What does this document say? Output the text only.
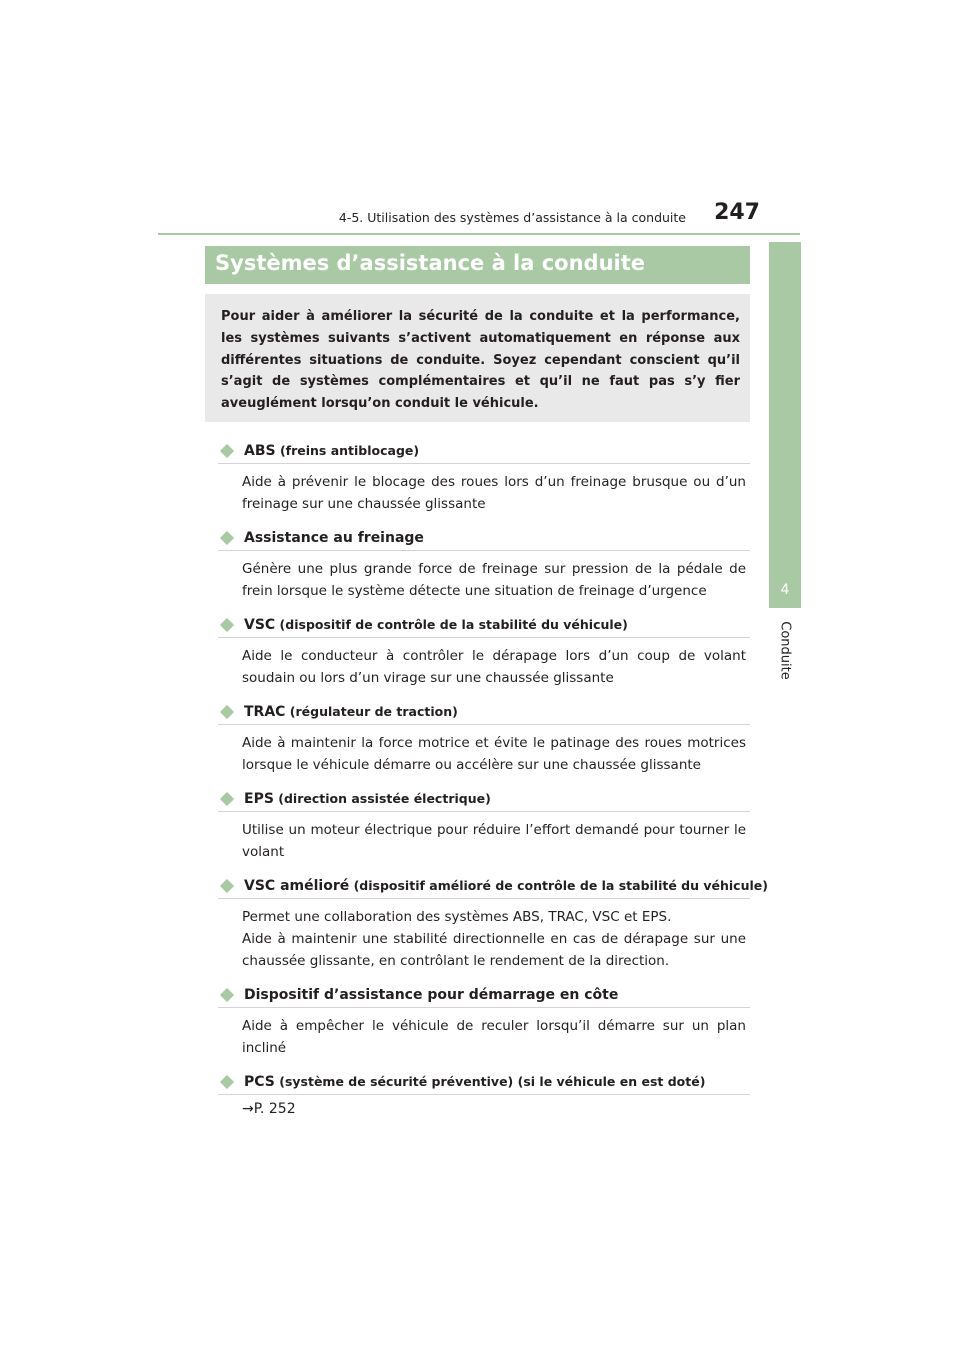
4-5. Utilisation des systèmes d’assistance à la conduite	247
4
Conduite
Systèmes d’assistance à la conduite

Pour aider à améliorer la sécurité de la conduite et la performance, les systèmes suivants s’activent automatiquement en réponse aux différentes situations de conduite. Soyez cependant conscient qu’il s’agit de systèmes complémentaires et qu’il ne faut pas s’y fier aveuglément lorsqu’on conduit le véhicule.

ABS (freins antiblocage)

Aide à prévenir le blocage des roues lors d’un freinage brusque ou d’un freinage sur une chaussée glissante

Assistance au freinage

Génère une plus grande force de freinage sur pression de la pédale de frein lorsque le système détecte une situation de freinage d’urgence

VSC (dispositif de contrôle de la stabilité du véhicule)

Aide le conducteur à contrôler le dérapage lors d’un coup de volant soudain ou lors d’un virage sur une chaussée glissante

TRAC (régulateur de traction)

Aide à maintenir la force motrice et évite le patinage des roues motrices lorsque le véhicule démarre ou accélère sur une chaussée glissante

EPS (direction assistée électrique)

Utilise un moteur électrique pour réduire l’effort demandé pour tourner le volant

VSC amélioré (dispositif amélioré de contrôle de la stabilité du véhicule)

Permet une collaboration des systèmes ABS, TRAC, VSC et EPS.

Aide à maintenir une stabilité directionnelle en cas de dérapage sur une chaussée glissante, en contrôlant le rendement de la direction.

Dispositif d’assistance pour démarrage en côte

Aide à empêcher le véhicule de reculer lorsqu’il démarre sur un plan incliné

PCS (système de sécurité préventive) (si le véhicule en est doté)
→P. 252
